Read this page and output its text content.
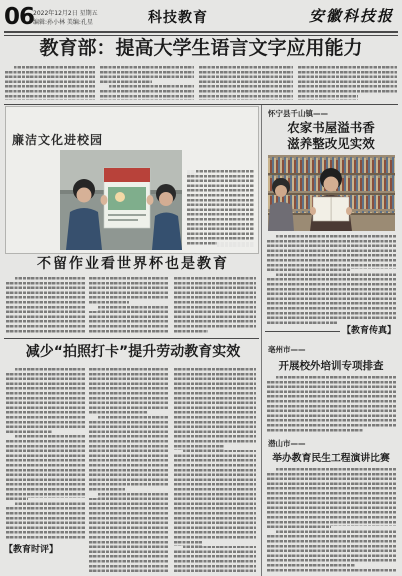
06
2022年12月2日 星期五
编辑:孙小林 美编:孔星	科技教育	安徽科技报
教育部：提高大学生语言文字应用能力
廉洁文化进校园
不留作业看世界杯也是教育
减少“拍照打卡”提升劳动教育实效
【教育时评】
怀宁县千山镇——
农家书屋溢书香
滋养整改见实效
【教育传真】
亳州市——
开展校外培训专项排查
潜山市——
举办教育民生工程演讲比赛
